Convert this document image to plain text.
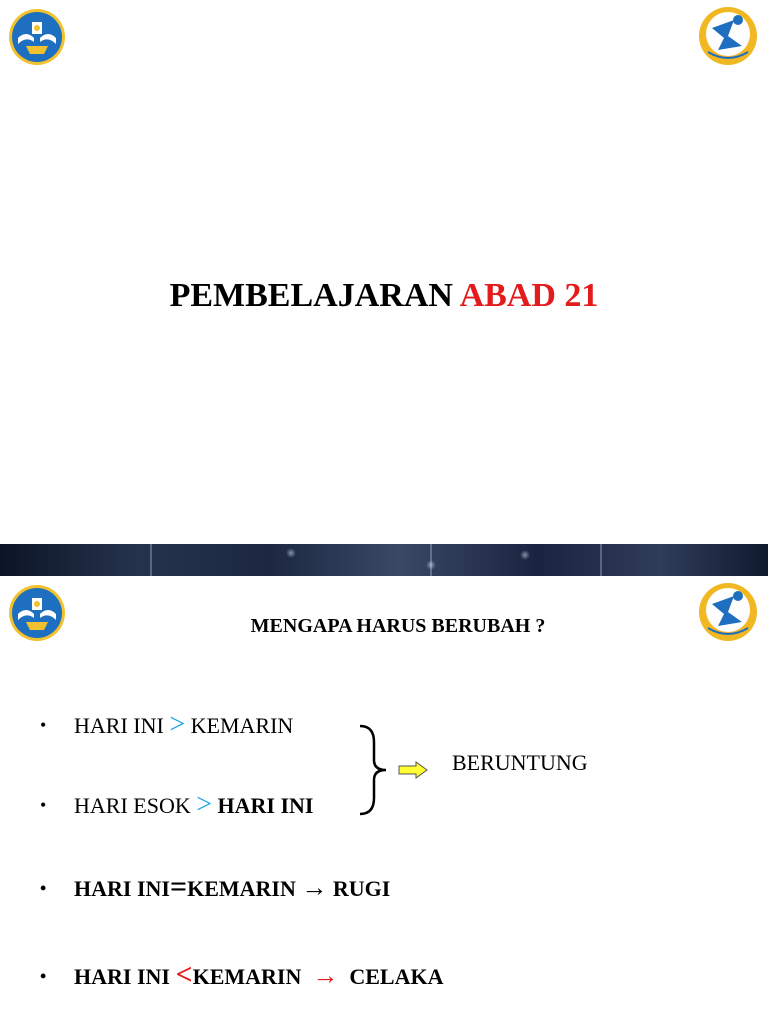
PEMBELAJARAN ABAD 21
MENGAPA HARUS BERUBAH ?
• HARI INI > KEMARIN
• HARI ESOK > HARI INI
BERUNTUNG
• HARI INI=KEMARIN → RUGI
• HARI INI <KEMARIN → CELAKA
